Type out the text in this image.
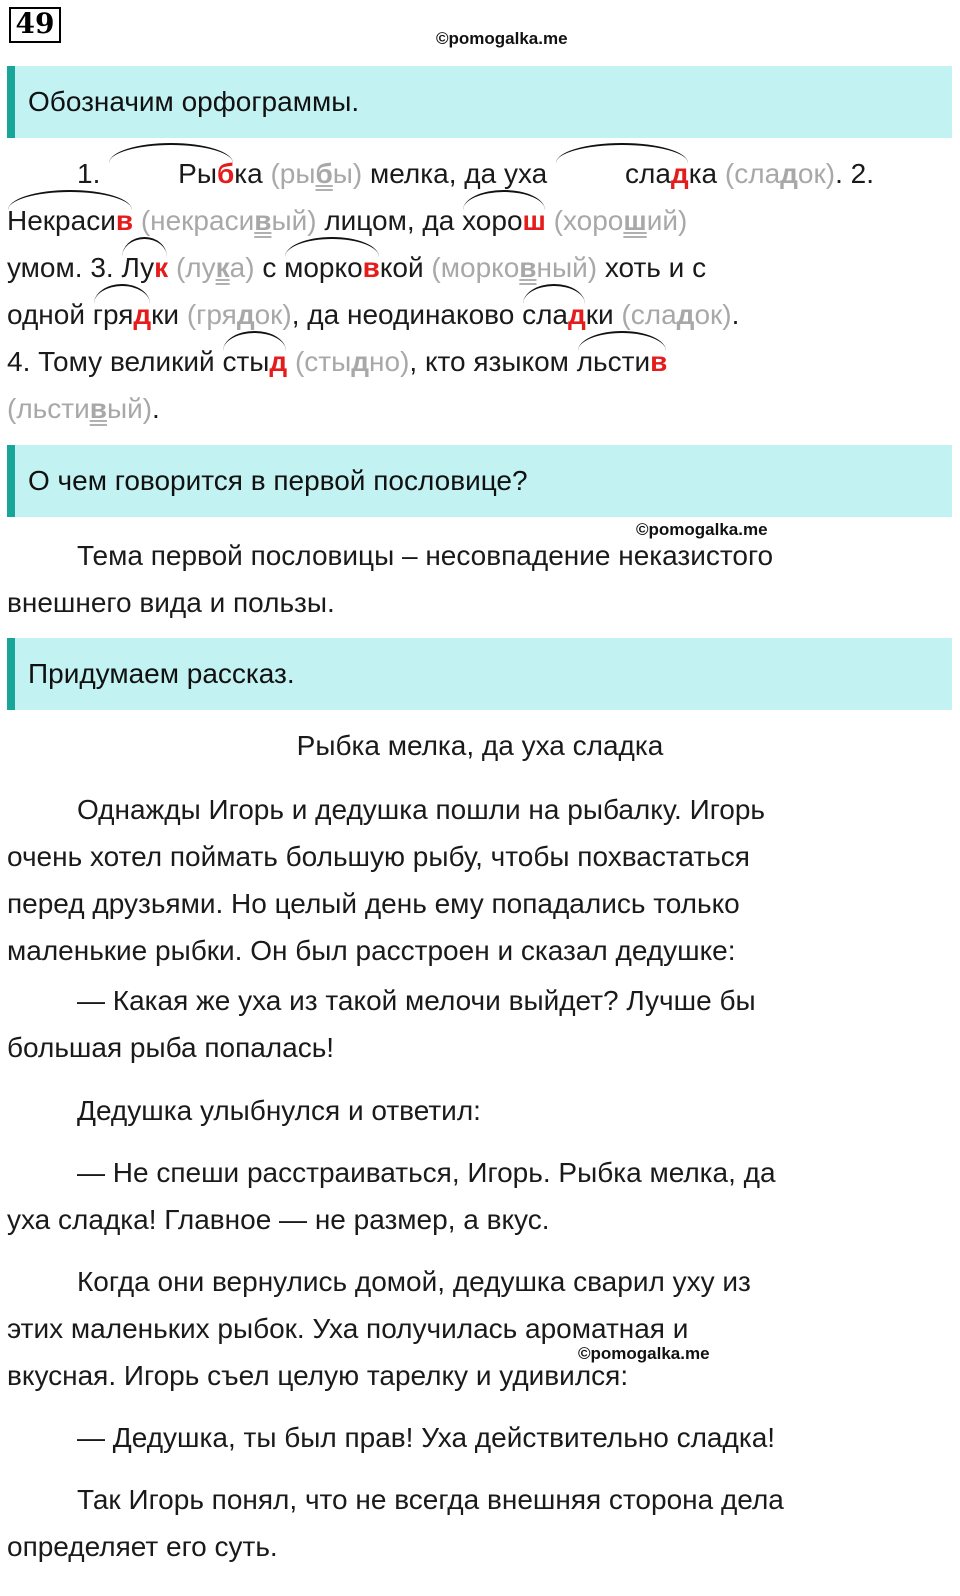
49	©pomogalka.me
Обозначим орфограммы.
1.	Рыбка (рыбы) мелка, да уха	сладка (сладок). 2.
Некрасив (некрасивый) лицом, да хорош (хороший)
умом. 3. Лук (лука) с морковкой (морковный) хоть и с
одной грядки (грядок), да неодинаково сладки (сладок).
4. Тому великий стыд (стыдно), кто языком льстив
(льстивый).
О чем говорится в первой пословице?
©pomogalka.me
Тема первой пословицы – несовпадение неказистого
внешнего вида и пользы.
Придумаем рассказ.
Рыбка мелка, да уха сладка
Однажды Игорь и дедушка пошли на рыбалку. Игорь
очень хотел поймать большую рыбу, чтобы похвастаться
перед друзьями. Но целый день ему попадались только
маленькие рыбки. Он был расстроен и сказал дедушке:
— Какая же уха из такой мелочи выйдет? Лучше бы
большая рыба попалась!
Дедушка улыбнулся и ответил:
— Не спеши расстраиваться, Игорь. Рыбка мелка, да
уха сладка! Главное — не размер, а вкус.
Когда они вернулись домой, дедушка сварил уху из
этих маленьких рыбок. Уха получилась ароматная и
вкусная. Игорь съел целую тарелку и удивился:
©pomogalka.me
— Дедушка, ты был прав! Уха действительно сладка!
Так Игорь понял, что не всегда внешняя сторона дела
определяет его суть.
